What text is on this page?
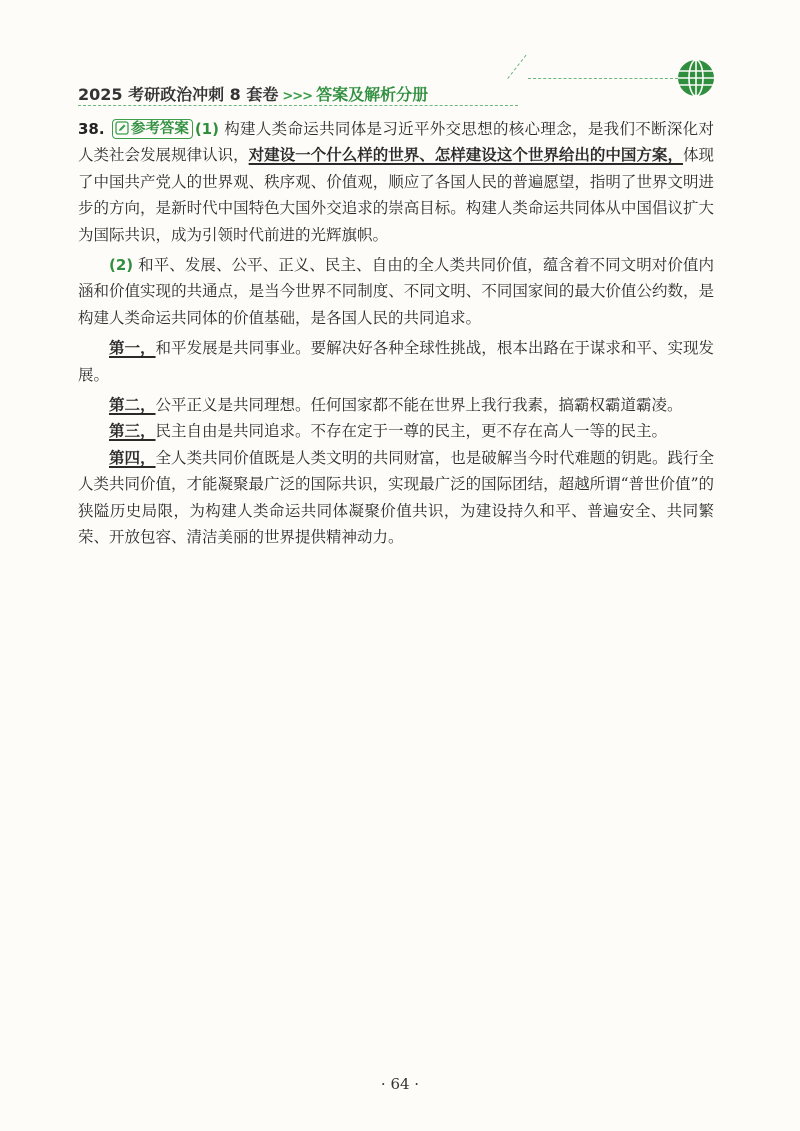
2025 考研政治冲刺 8 套卷 >>> 答案及解析分册

38. 参考答案 (1) 构建人类命运共同体是习近平外交思想的核心理念，是我们不断深化对人类社会发展规律认识，对建设一个什么样的世界、怎样建设这个世界给出的中国方案，体现了中国共产党人的世界观、秩序观、价值观，顺应了各国人民的普遍愿望，指明了世界文明进步的方向，是新时代中国特色大国外交追求的崇高目标。构建人类命运共同体从中国倡议扩大为国际共识，成为引领时代前进的光辉旗帜。

(2) 和平、发展、公平、正义、民主、自由的全人类共同价值，蕴含着不同文明对价值内涵和价值实现的共通点，是当今世界不同制度、不同文明、不同国家间的最大价值公约数，是构建人类命运共同体的价值基础，是各国人民的共同追求。

第一，和平发展是共同事业。要解决好各种全球性挑战，根本出路在于谋求和平、实现发展。

第二，公平正义是共同理想。任何国家都不能在世界上我行我素，搞霸权霸道霸凌。

第三，民主自由是共同追求。不存在定于一尊的民主，更不存在高人一等的民主。

第四，全人类共同价值既是人类文明的共同财富，也是破解当今时代难题的钥匙。践行全人类共同价值，才能凝聚最广泛的国际共识，实现最广泛的国际团结，超越所谓“普世价值”的狭隘历史局限，为构建人类命运共同体凝聚价值共识，为建设持久和平、普遍安全、共同繁荣、开放包容、清洁美丽的世界提供精神动力。

· 64 ·
